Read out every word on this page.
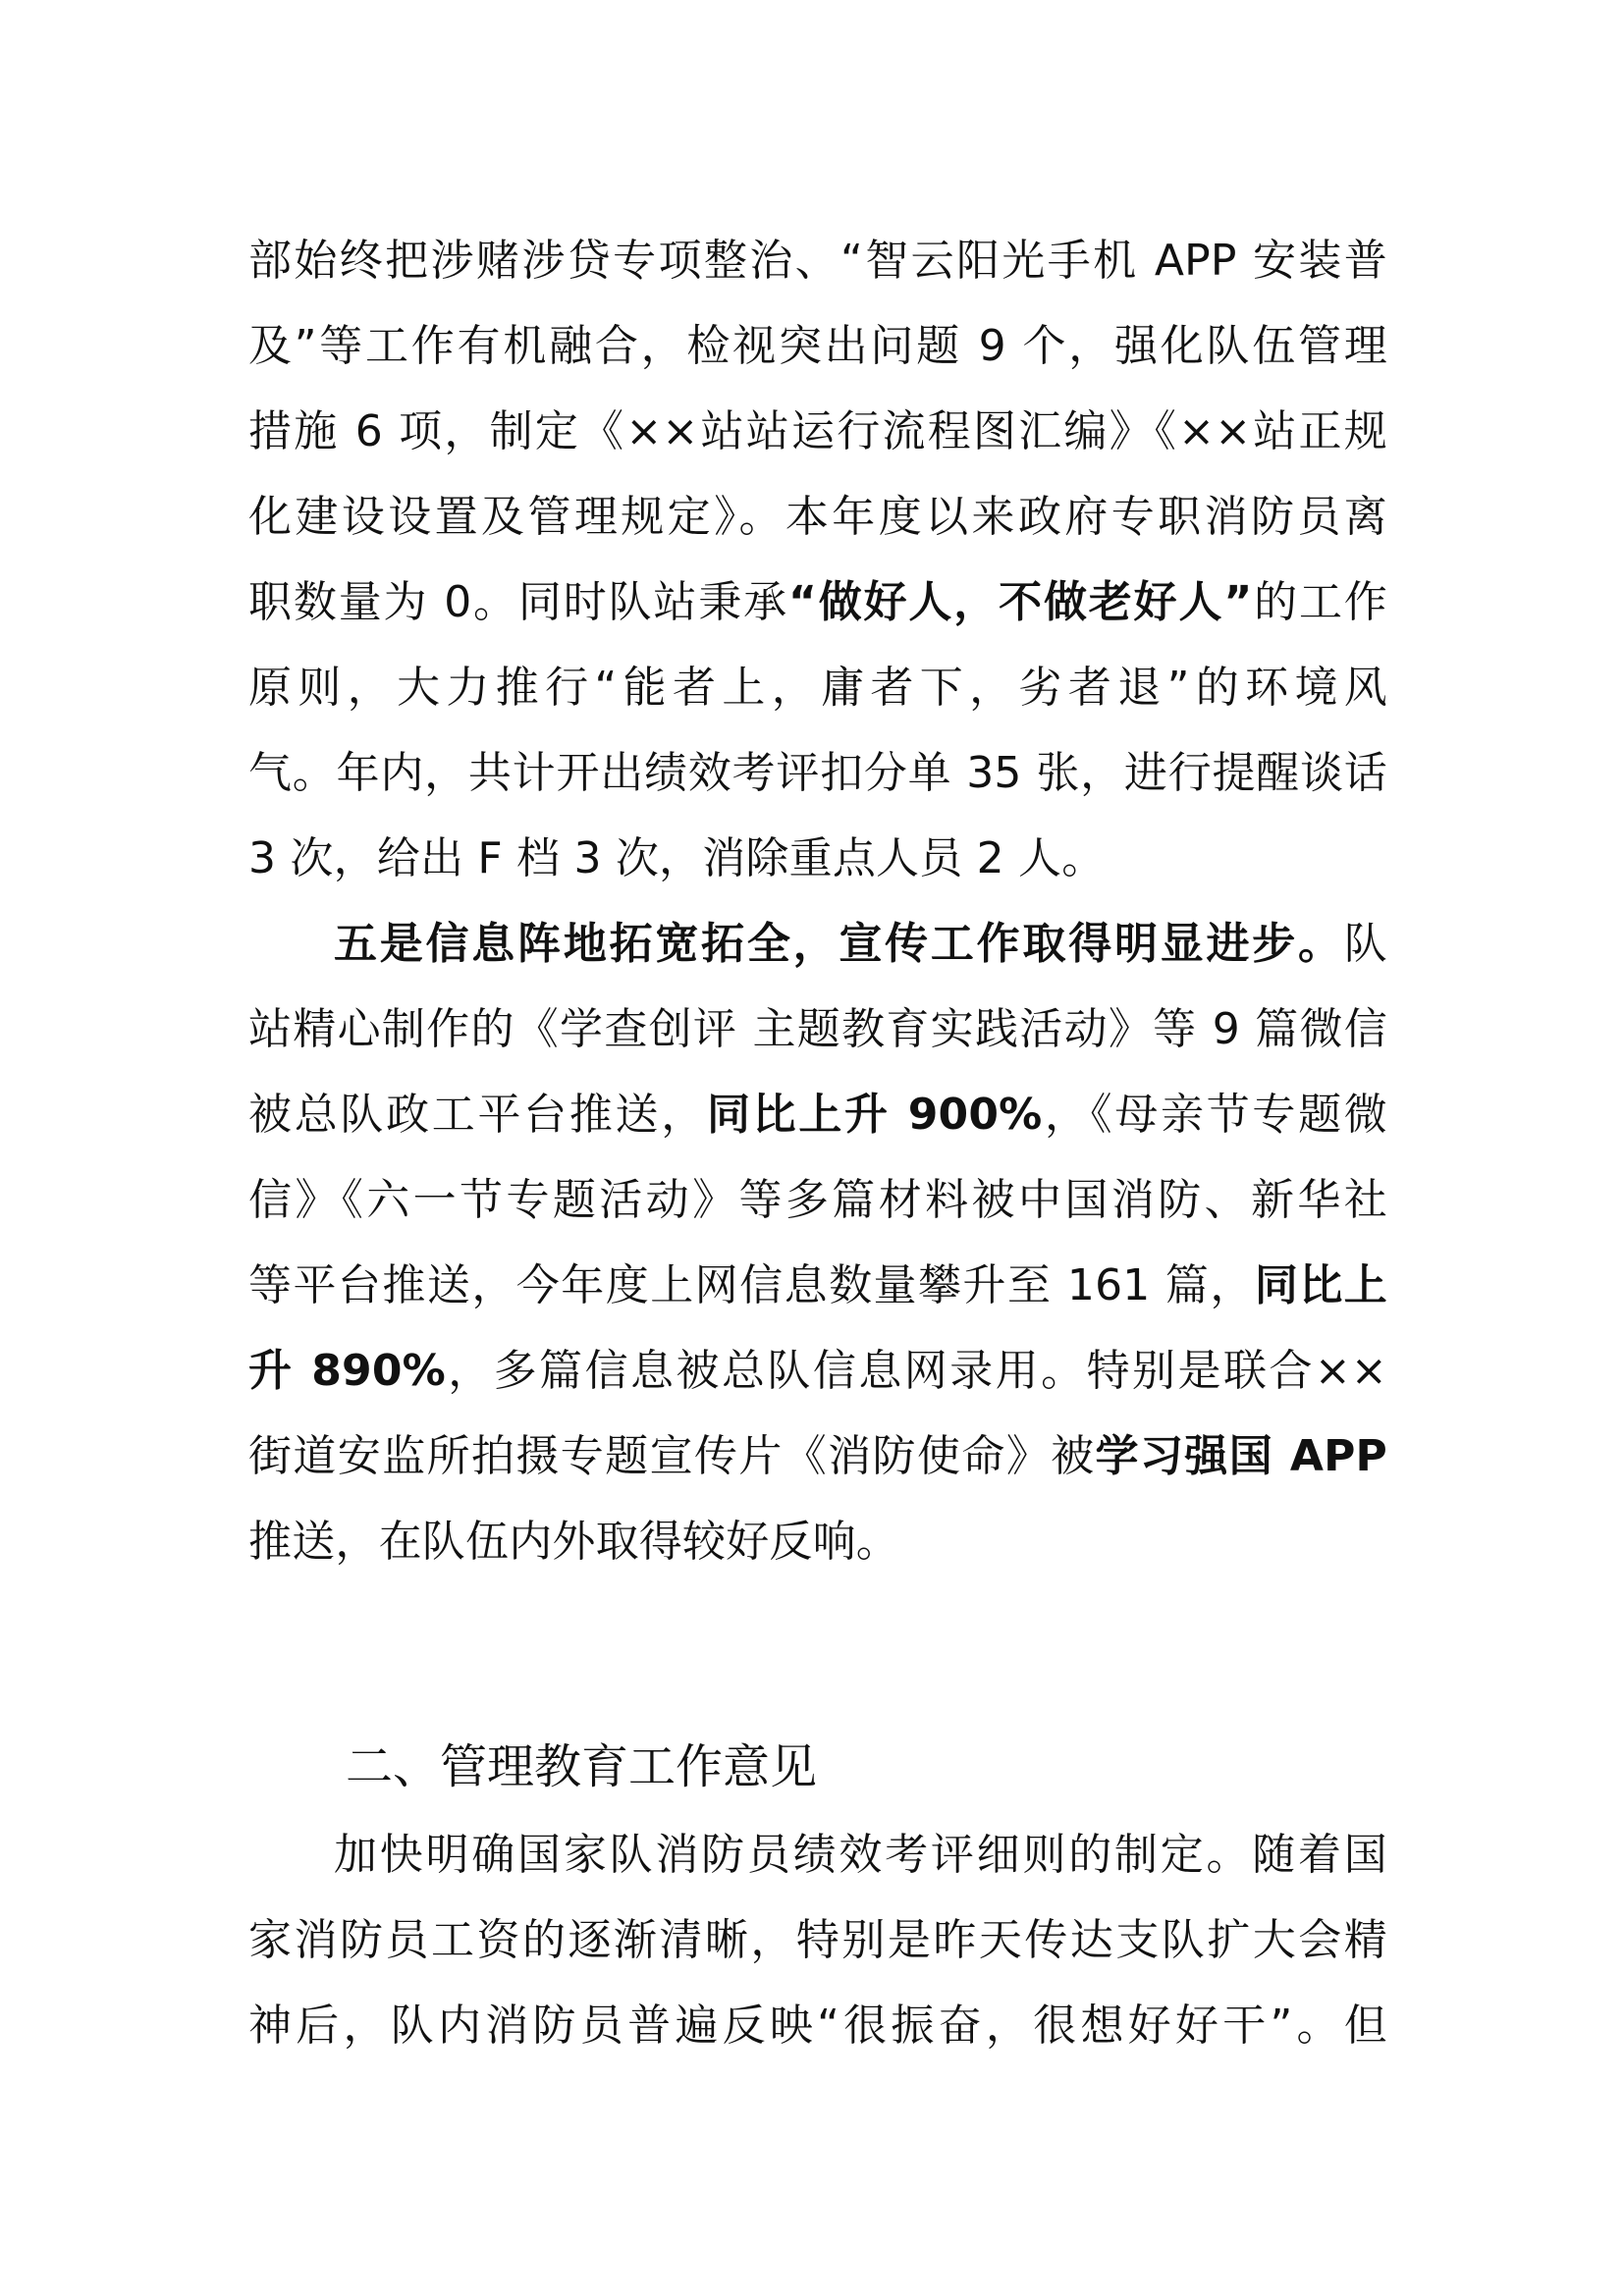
部始终把涉赌涉贷专项整治、“智云阳光手机 APP 安装普
及”等工作有机融合，检视突出问题 9 个，强化队伍管理
措施 6 项，制定《××站站运行流程图汇编》《××站正规
化建设设置及管理规定》。本年度以来政府专职消防员离
职数量为 0。同时队站秉承“做好人，不做老好人”的工作
原则，大力推行“能者上，庸者下，劣者退”的环境风
气。年内，共计开出绩效考评扣分单 35 张，进行提醒谈话
3 次，给出 F 档 3 次，消除重点人员 2 人。
五是信息阵地拓宽拓全，宣传工作取得明显进步。队
站精心制作的《学查创评 主题教育实践活动》等 9 篇微信
被总队政工平台推送，同比上升 900%，《母亲节专题微
信》《六一节专题活动》等多篇材料被中国消防、新华社
等平台推送，今年度上网信息数量攀升至 161 篇，同比上
升 890%，多篇信息被总队信息网录用。特别是联合××
街道安监所拍摄专题宣传片《消防使命》被学习强国 APP
推送，在队伍内外取得较好反响。
二、管理教育工作意见
加快明确国家队消防员绩效考评细则的制定。随着国
家消防员工资的逐渐清晰，特别是昨天传达支队扩大会精
神后，队内消防员普遍反映“很振奋，很想好好干”。但
